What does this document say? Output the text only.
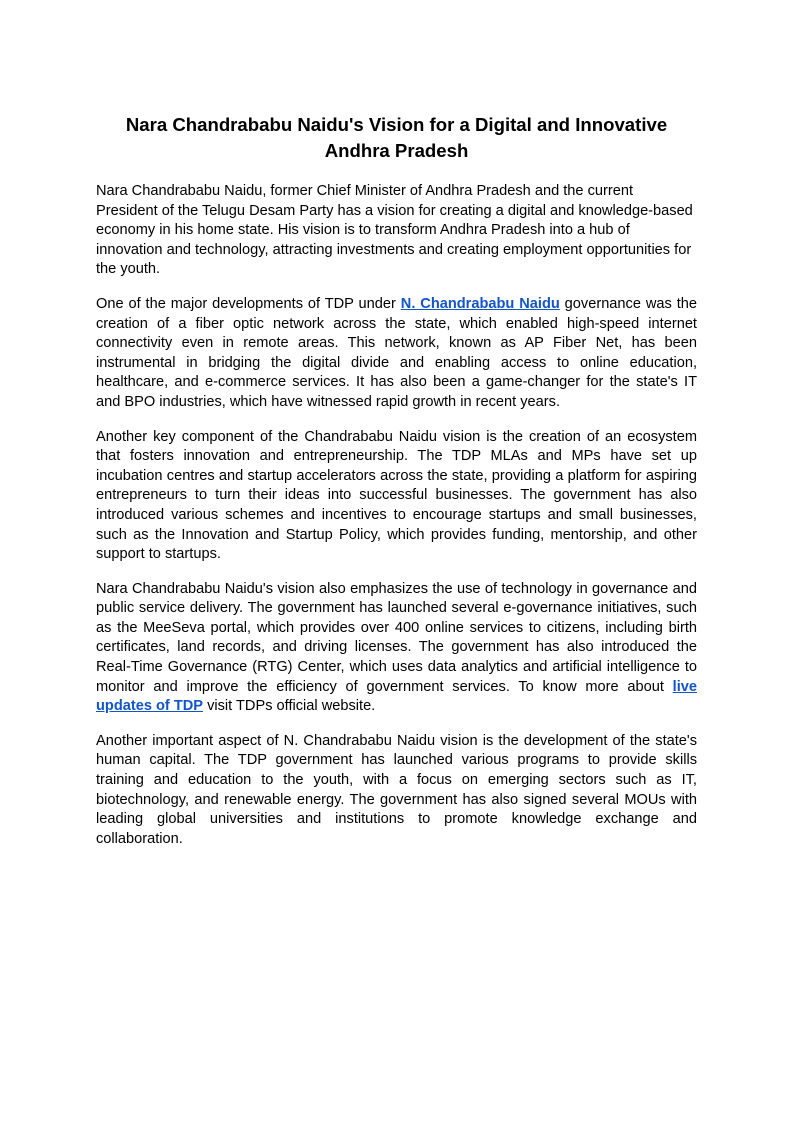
Nara Chandrababu Naidu's Vision for a Digital and Innovative
Andhra Pradesh

Nara Chandrababu Naidu, former Chief Minister of Andhra Pradesh and the current President of the Telugu Desam Party has a vision for creating a digital and knowledge-based economy in his home state. His vision is to transform Andhra Pradesh into a hub of innovation and technology, attracting investments and creating employment opportunities for the youth.

One of the major developments of TDP under N. Chandrababu Naidu governance was the creation of a fiber optic network across the state, which enabled high-speed internet connectivity even in remote areas. This network, known as AP Fiber Net, has been instrumental in bridging the digital divide and enabling access to online education, healthcare, and e-commerce services. It has also been a game-changer for the state's IT and BPO industries, which have witnessed rapid growth in recent years.

Another key component of the Chandrababu Naidu vision is the creation of an ecosystem that fosters innovation and entrepreneurship. The TDP MLAs and MPs have set up incubation centres and startup accelerators across the state, providing a platform for aspiring entrepreneurs to turn their ideas into successful businesses. The government has also introduced various schemes and incentives to encourage startups and small businesses, such as the Innovation and Startup Policy, which provides funding, mentorship, and other support to startups.

Nara Chandrababu Naidu's vision also emphasizes the use of technology in governance and public service delivery. The government has launched several e-governance initiatives, such as the MeeSeva portal, which provides over 400 online services to citizens, including birth certificates, land records, and driving licenses. The government has also introduced the Real-Time Governance (RTG) Center, which uses data analytics and artificial intelligence to monitor and improve the efficiency of government services. To know more about live updates of TDP visit TDPs official website.

Another important aspect of N. Chandrababu Naidu vision is the development of the state's human capital. The TDP government has launched various programs to provide skills training and education to the youth, with a focus on emerging sectors such as IT, biotechnology, and renewable energy. The government has also signed several MOUs with leading global universities and institutions to promote knowledge exchange and collaboration.
